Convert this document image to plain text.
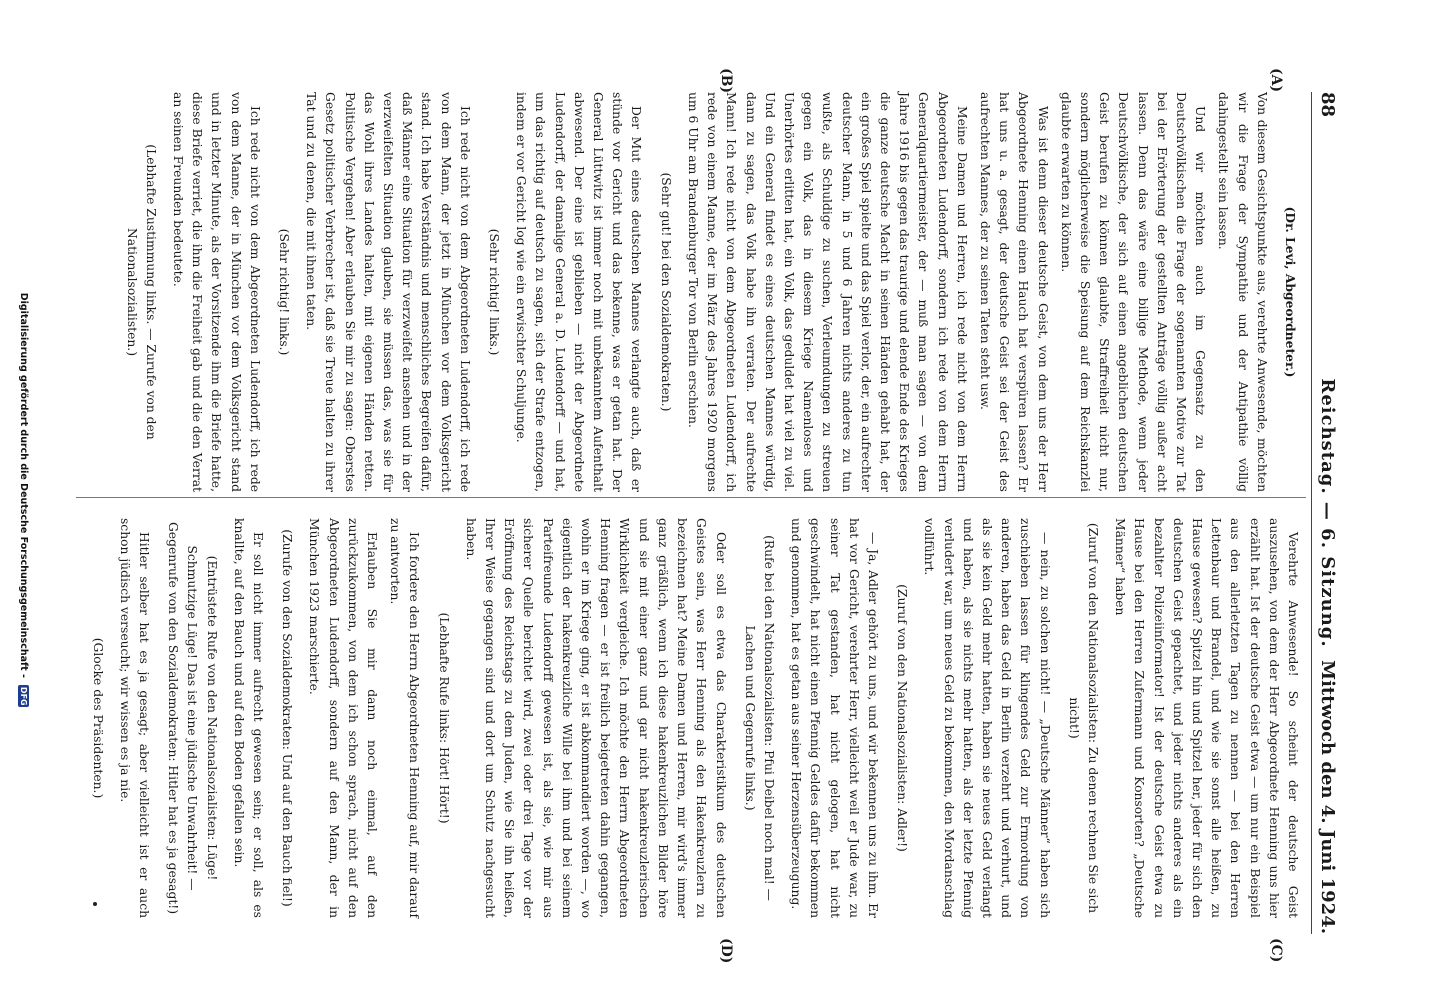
88
Reichstag. — 6. Sitzung.
Mittwoch den 4. Juni 1924.
(A)
(B)
(C)
(D)

(Dr. Levi, Abgeordneter.)

Von diesem Gesichtspunkte aus, verehrte Anwesende, möchten wir die Frage der Sympathie und der Antipathie völlig dahingestellt sein lassen.

Und wir möchten auch im Gegensatz zu den Deutschvölkischen die Frage der sogenannten Motive zur Tat bei der Erörterung der gestellten Anträge völlig außer acht lassen. Denn das wäre eine billige Methode, wenn jeder Deutschvölkische, der sich auf einen angeblichen deutschen Geist berufen zu können glaubte, Straffreiheit nicht nur, sondern möglicherweise die Speisung auf dem Reichskanzlei glaubte erwarten zu können.

Was ist denn dieser deutsche Geist, von dem uns der Herr Abgeordnete Henning einen Hauch hat verspüren lassen? Er hat uns u. a. gesagt, der deutsche Geist sei der Geist des aufrechten Mannes, der zu seinen Taten steht usw.

Meine Damen und Herren, ich rede nicht von dem Herrn Abgeordneten Ludendorff, sondern ich rede von dem Herrn Generalquartiermeister, der — muß man sagen — von dem Jahre 1916 bis gegen das traurige und elende Ende des Krieges die ganze deutsche Macht in seinen Händen gehabt hat, der ein großes Spiel spielte und das Spiel verlor, der, ein aufrechter deutscher Mann, in 5 und 6 Jahren nichts anderes zu tun wußte, als Schuldige zu suchen, Verleumdungen zu streuen gegen ein Volk, das in diesem Kriege Namenloses und Unerhörtes erlitten hat, ein Volk, das geduldet hat viel zu viel. Und ein General findet es eines deutschen Mannes würdig, dann zu sagen, das Volk habe ihn verraten. Der aufrechte Mann! Ich rede nicht von dem Abgeordneten Ludendorff, ich rede von einem Manne, der im März des Jahres 1920 morgens um 6 Uhr am Brandenburger Tor von Berlin erschien.

(Sehr gut! bei den Sozialdemokraten.)

Der Mut eines deutschen Mannes verlangte auch, daß er stünde vor Gericht und das bekenne, was er getan hat. Der General Lüttwitz ist immer noch mit unbekanntem Aufenthalt abwesend. Der eine ist geblieben — nicht der Abgeordnete Ludendorff, der damalige General a. D. Ludendorff — und hat, um das richtig auf deutsch zu sagen, sich der Strafe entzogen, indem er vor Gericht log wie ein erwischter Schuljunge.

(Sehr richtig! links.)

Ich rede nicht von dem Abgeordneten Ludendorff, ich rede von dem Mann, der jetzt in München vor dem Volksgericht stand. Ich habe Verständnis und menschliches Begreifen dafür, daß Männer eine Situation für verzweifelt ansehen und in der verzweifelten Situation glauben, sie müssen das, was sie für das Wohl ihres Landes halten, mit eigenen Händen retten. Politische Vergehen! Aber erlauben Sie mir zu sagen: Oberstes Gesetz politischer Verbrecher ist, daß sie Treue halten zu ihrer Tat und zu denen, die mit ihnen taten.

(Sehr richtig! links.)

Ich rede nicht von dem Abgeordneten Ludendorff, ich rede von dem Manne, der in München vor dem Volksgericht stand und in letzter Minute, als der Vorsitzende ihm die Briefe hatte, diese Briefe verriet, die ihm die Freiheit gab und die den Verrat an seinen Freunden bedeutete.

(Lebhafte Zustimmung links. — Zurufe von den Nationalsozialisten.)

Verehrte Anwesende! So scheint der deutsche Geist auszusehen, von dem der Herr Abgeordnete Henning uns hier erzählt hat. Ist der deutsche Geist etwa — um nur ein Beispiel aus den allerletzten Tagen zu nennen — bei den Herren Lettenbaur und Brandel, und wie sie sonst alle heißen, zu Hause gewesen? Spitzel hin und Spitzel her, jeder für sich den deutschen Geist gepachtet, und jeder nichts anderes als ein bezahlter Polizeiinformator! Ist der deutsche Geist etwa zu Hause bei den Herren Zufermann und Konsorten? „Deutsche Männer“ haben

(Zuruf von den Nationalsozialisten: Zu denen rechnen Sie sich nicht!)

— nein, zu solchen nicht! — „Deutsche Männer“ haben sich zuschieben lassen für klingendes Geld zur Ermordung von anderen, haben das Geld in Berlin verzehrt und verhurt, und als sie kein Geld mehr hatten, haben sie neues Geld verlangt und haben, als sie nichts mehr hatten, als der letzte Pfennig verludert war, um neues Geld zu bekommen, den Mordanschlag vollführt.

(Zuruf von den Nationalsozialisten: Adler!)

— Ja, Adler gehört zu uns, und wir bekennen uns zu ihm. Er hat vor Gericht, verehrter Herr, vielleicht weil er Jude war, zu seiner Tat gestanden, hat nicht gelogen, hat nicht geschwindelt, hat nicht einen Pfennig Geldes dafür bekommen und genommen, hat es getan aus seiner Herzensüberzeugung.

(Rufe bei den Nationalsozialisten: Pfui Deibel noch mal! — Lachen und Gegenrufe links.)

Oder soll es etwa das Charakteristikum des deutschen Geistes sein, was Herr Henning als den Hakenkreuzlern zu bezeichnen hat? Meine Damen und Herren, mir wird's immer ganz gräßlich, wenn ich diese hakenkreuzlichen Bilder höre und sie mit einer ganz und gar nicht hakenkreuzlerischen Wirklichkeit vergleiche. Ich möchte den Herrn Abgeordneten Henning fragen — er ist freilich beigetreten dahin gegangen, wohin er im Kriege ging, er ist abkommandiert worden —, wo eigentlich der hakenkreuzliche Wille bei ihm und bei seinem Parteifreunde Ludendorff gewesen ist, als sie, wie mir aus sicherer Quelle berichtet wird, zwei oder drei Tage vor der Eröffnung des Reichstags zu dem Juden, wie Sie ihn heißen, Ihrer Weise gegangen sind und dort um Schutz nachgesucht haben.

(Lebhafte Rufe links: Hört! Hört!)

Ich fordere den Herrn Abgeordneten Henning auf, mir darauf zu antworten.

Erlauben Sie mir dann noch einmal, auf den zurückzukommen, von dem ich schon sprach, nicht auf den Abgeordneten Ludendorff, sondern auf den Mann, der in München 1923 marschierte.

(Zurufe von den Sozialdemokraten: Und auf den Bauch fiel!)

Er soll nicht immer aufrecht gewesen sein; er soll, als es knallte, auf den Bauch und auf den Boden gefallen sein.

(Entrüstete Rufe von den Nationalsozialisten: Lüge! Schmutzige Lüge! Das ist eine jüdische Unwahrheit! — Gegenrufe von den Sozialdemokraten: Hitler hat es ja gesagt!)

Hitler selber hat es ja gesagt; aber vielleicht ist er auch schon jüdisch verseucht; wir wissen es ja nie.

(Glocke des Präsidenten.)

Digitalisierung gefördert durch die Deutsche Forschungsgemeinschaft - DFG
